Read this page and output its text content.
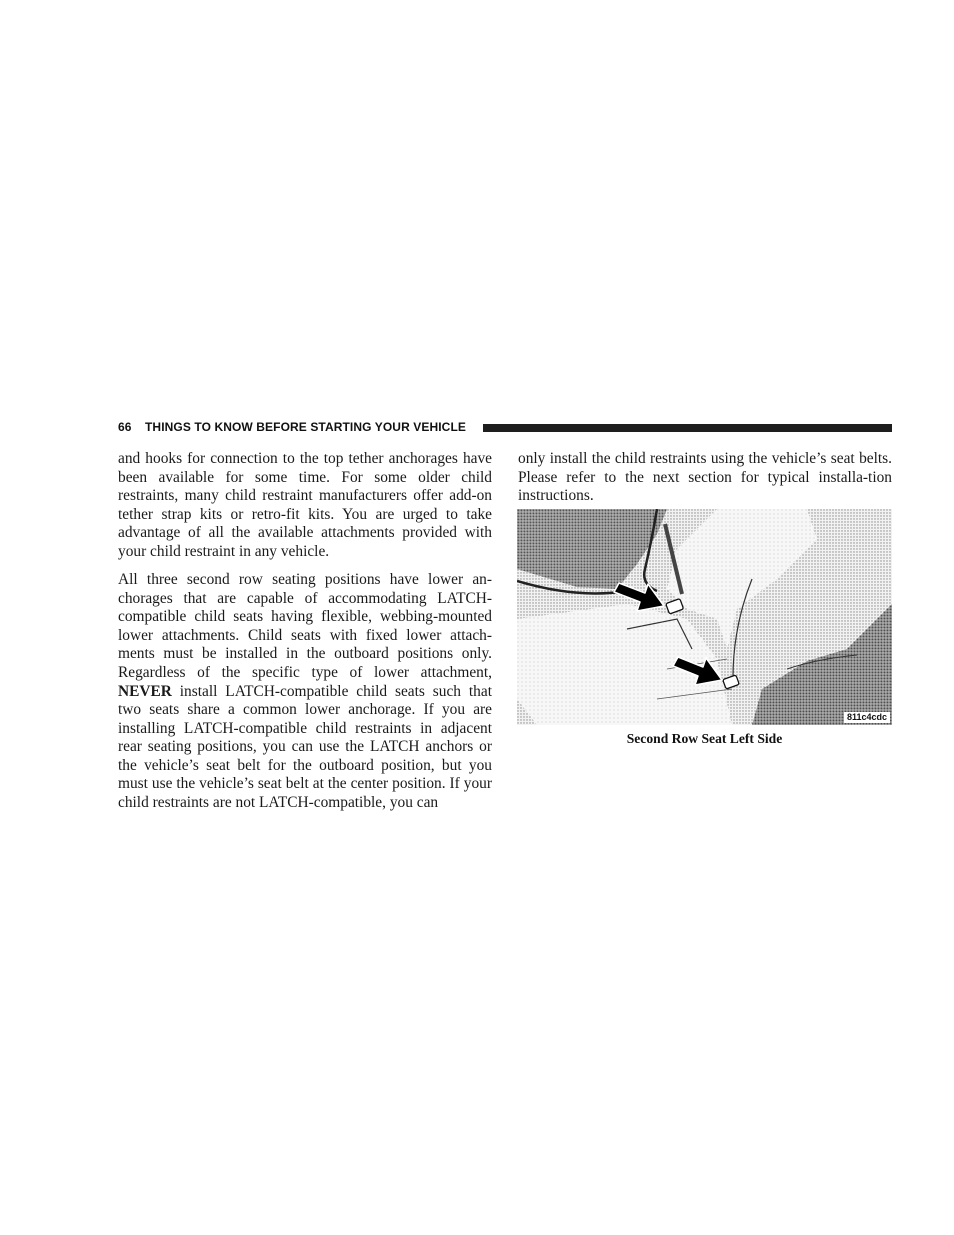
66 THINGS TO KNOW BEFORE STARTING YOUR VEHICLE

and hooks for connection to the top tether anchorages have been available for some time. For some older child restraints, many child restraint manufacturers offer add-on tether strap kits or retro-fit kits. You are urged to take advantage of all the available attachments provided with your child restraint in any vehicle.

All three second row seating positions have lower an-chorages that are capable of accommodating LATCH-compatible child seats having flexible, webbing-mounted lower attachments. Child seats with fixed lower attach-ments must be installed in the outboard positions only. Regardless of the specific type of lower attachment, NEVER install LATCH-compatible child seats such that two seats share a common lower anchorage. If you are installing LATCH-compatible child restraints in adjacent rear seating positions, you can use the LATCH anchors or the vehicle’s seat belt for the outboard position, but you must use the vehicle’s seat belt at the center position. If your child restraints are not LATCH-compatible, you can

only install the child restraints using the vehicle’s seat belts. Please refer to the next section for typical installa-tion instructions.

811c4cdc
Second Row Seat Left Side
